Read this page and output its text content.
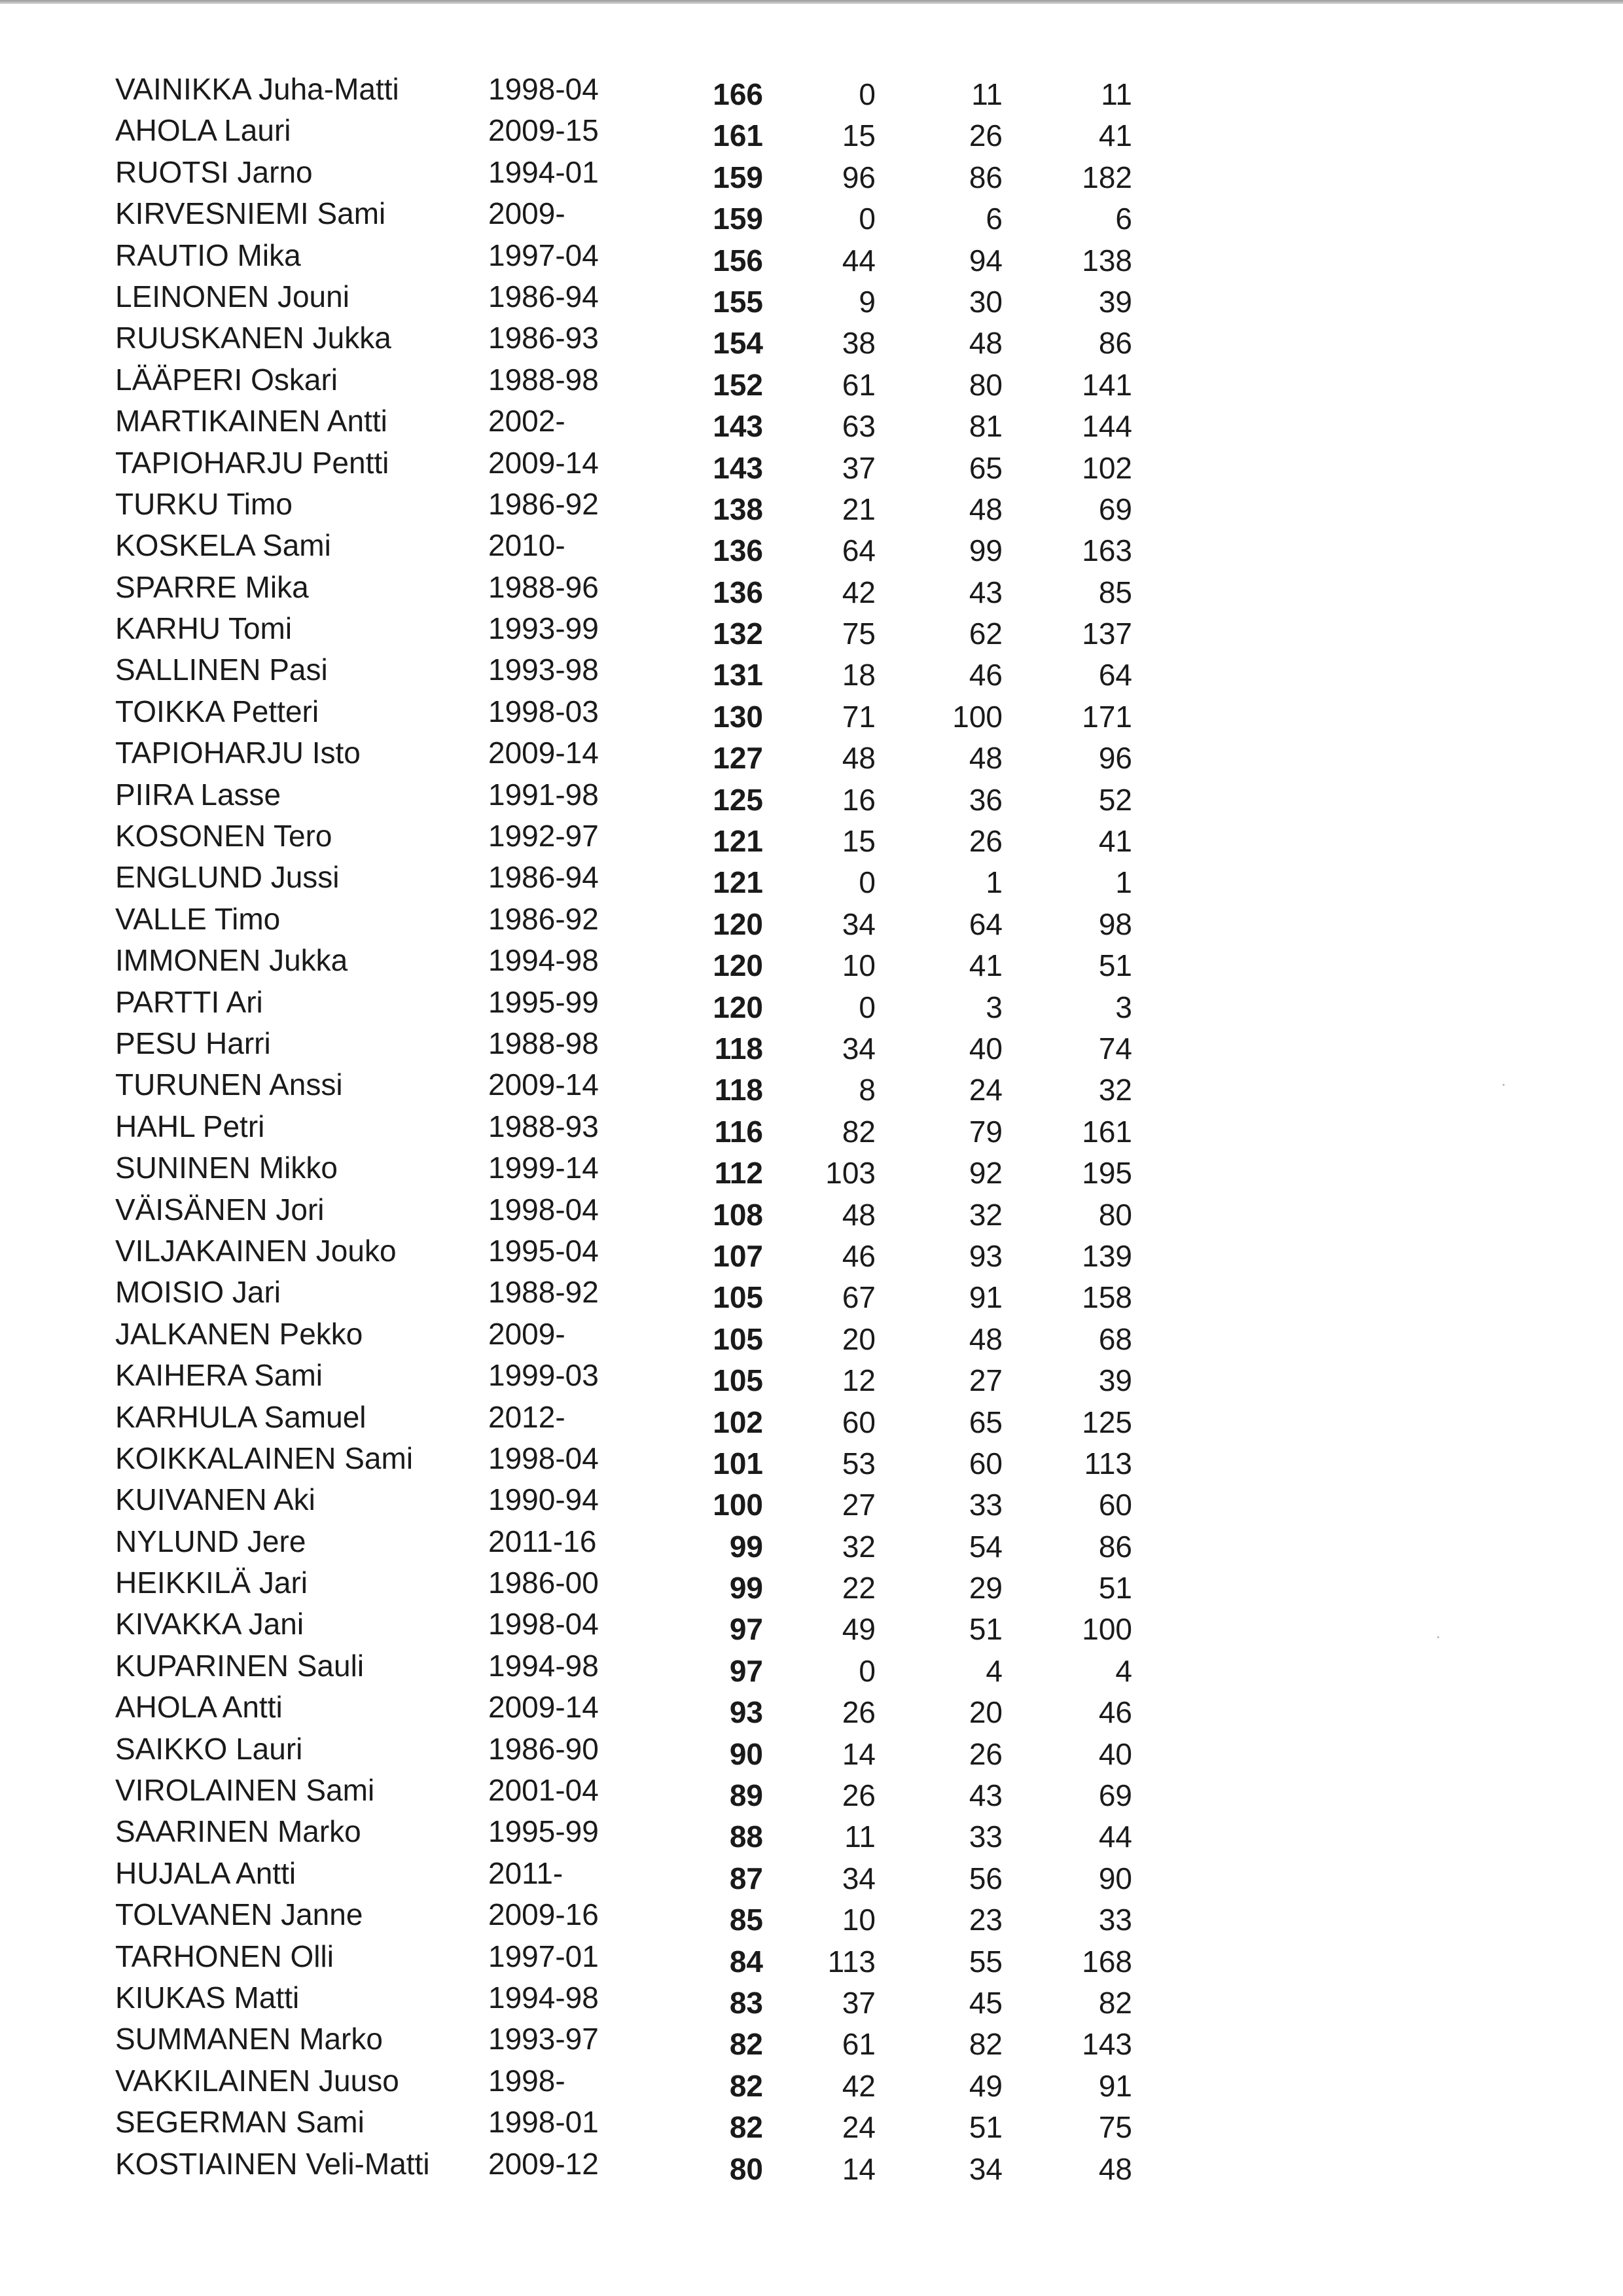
VAINIKKA Juha-Matti	1998-04	166	0	11	11
AHOLA Lauri	2009-15	161	15	26	41
RUOTSI Jarno	1994-01	159	96	86	182
KIRVESNIEMI Sami	2009-	159	0	6	6
RAUTIO Mika	1997-04	156	44	94	138
LEINONEN Jouni	1986-94	155	9	30	39
RUUSKANEN Jukka	1986-93	154	38	48	86
LÄÄPERI Oskari	1988-98	152	61	80	141
MARTIKAINEN Antti	2002-	143	63	81	144
TAPIOHARJU Pentti	2009-14	143	37	65	102
TURKU Timo	1986-92	138	21	48	69
KOSKELA Sami	2010-	136	64	99	163
SPARRE Mika	1988-96	136	42	43	85
KARHU Tomi	1993-99	132	75	62	137
SALLINEN Pasi	1993-98	131	18	46	64
TOIKKA Petteri	1998-03	130	71	100	171
TAPIOHARJU Isto	2009-14	127	48	48	96
PIIRA Lasse	1991-98	125	16	36	52
KOSONEN Tero	1992-97	121	15	26	41
ENGLUND Jussi	1986-94	121	0	1	1
VALLE Timo	1986-92	120	34	64	98
IMMONEN Jukka	1994-98	120	10	41	51
PARTTI Ari	1995-99	120	0	3	3
PESU Harri	1988-98	118	34	40	74
TURUNEN Anssi	2009-14	118	8	24	32
HAHL Petri	1988-93	116	82	79	161
SUNINEN Mikko	1999-14	112	103	92	195
VÄISÄNEN Jori	1998-04	108	48	32	80
VILJAKAINEN Jouko	1995-04	107	46	93	139
MOISIO Jari	1988-92	105	67	91	158
JALKANEN Pekko	2009-	105	20	48	68
KAIHERA Sami	1999-03	105	12	27	39
KARHULA Samuel	2012-	102	60	65	125
KOIKKALAINEN Sami 1998-04	101	53	60	113
KUIVANEN Aki	1990-94	100	27	33	60
NYLUND Jere	2011-16	99	32	54	86
HEIKKILÄ Jari	1986-00	99	22	29	51
KIVAKKA Jani	1998-04	97	49	51	100
KUPARINEN Sauli	1994-98	97	0	4	4
AHOLA Antti	2009-14	93	26	20	46
SAIKKO Lauri	1986-90	90	14	26	40
VIROLAINEN Sami	2001-04	89	26	43	69
SAARINEN Marko	1995-99	88	11	33	44
HUJALA Antti	2011-	87	34	56	90
TOLVANEN Janne	2009-16	85	10	23	33
TARHONEN Olli	1997-01	84	113	55	168
KIUKAS Matti	1994-98	83	37	45	82
SUMMANEN Marko	1993-97	82	61	82	143
VAKKILAINEN Juuso	1998-	82	42	49	91
SEGERMAN Sami	1998-01	82	24	51	75
KOSTIAINEN Veli-Matti 2009-12	80	14	34	48
